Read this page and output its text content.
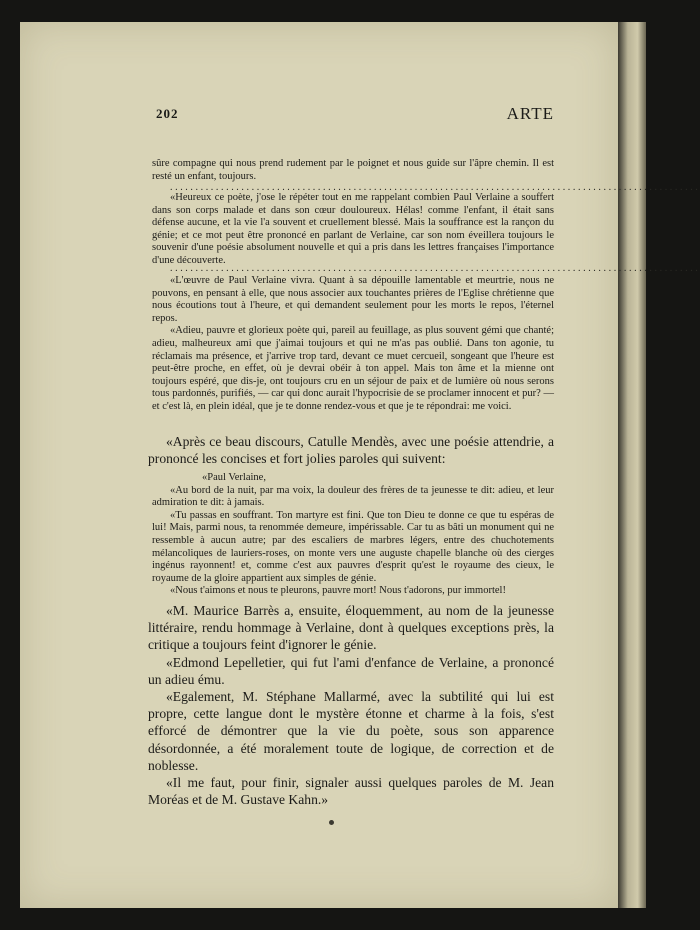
202	ARTE

sûre compagne qui nous prend rudement par le poignet et nous guide sur l'âpre chemin. Il est resté un enfant, toujours.

........................................................................................................

«Heureux ce poète, j'ose le répéter tout en me rappelant combien Paul Verlaine a souffert dans son corps malade et dans son cœur douloureux. Hélas! comme l'enfant, il était sans défense aucune, et la vie l'a souvent et cruellement blessé. Mais la souffrance est la rançon du génie; et ce mot peut être prononcé en parlant de Verlaine, car son nom éveillera toujours le souvenir d'une poésie absolument nouvelle et qui a pris dans les lettres françaises l'importance d'une découverte.

........................................................................................................

«L'œuvre de Paul Verlaine vivra. Quant à sa dépouille lamentable et meurtrie, nous ne pouvons, en pensant à elle, que nous associer aux touchantes prières de l'Eglise chrétienne que nous écoutions tout à l'heure, et qui demandent seulement pour les morts le repos, l'éternel repos.

«Adieu, pauvre et glorieux poète qui, pareil au feuillage, as plus souvent gémi que chanté; adieu, malheureux ami que j'aimai toujours et qui ne m'as pas oublié. Dans ton agonie, tu réclamais ma présence, et j'arrive trop tard, devant ce muet cercueil, songeant que l'heure est peut-être proche, en effet, où je devrai obéir à ton appel. Mais ton âme et la mienne ont toujours espéré, que dis-je, ont toujours cru en un séjour de paix et de lumière où nous serons tous pardonnés, purifiés, — car qui donc aurait l'hypocrisie de se proclamer innocent et pur? — et c'est là, en plein idéal, que je te donne rendez-vous et que je te répondrai: me voici.

«Après ce beau discours, Catulle Mendès, avec une poésie attendrie, a prononcé les concises et fort jolies paroles qui suivent:

«Paul Verlaine,

«Au bord de la nuit, par ma voix, la douleur des frères de ta jeunesse te dit: adieu, et leur admiration te dit: à jamais.

«Tu passas en souffrant. Ton martyre est fini. Que ton Dieu te donne ce que tu espéras de lui! Mais, parmi nous, ta renommée demeure, impérissable. Car tu as bâti un monument qui ne ressemble à aucun autre; par des escaliers de marbres légers, entre des chuchotements mélancoliques de lauriers-roses, on monte vers une auguste chapelle blanche où des cierges ingénus rayonnent! et, comme c'est aux pauvres d'esprit qu'est le royaume des cieux, le royaume de la gloire appartient aux simples de génie.

«Nous t'aimons et nous te pleurons, pauvre mort! Nous t'adorons, pur immortel!

«M. Maurice Barrès a, ensuite, éloquemment, au nom de la jeunesse littéraire, rendu hommage à Verlaine, dont à quelques exceptions près, la critique a toujours feint d'ignorer le génie.

«Edmond Lepelletier, qui fut l'ami d'enfance de Verlaine, a prononcé un adieu ému.

«Egalement, M. Stéphane Mallarmé, avec la subtilité qui lui est propre, cette langue dont le mystère étonne et charme à la fois, s'est efforcé de démontrer que la vie du poète, sous son apparence désordonnée, a été moralement toute de logique, de correction et de noblesse.

«Il me faut, pour finir, signaler aussi quelques paroles de M. Jean Moréas et de M. Gustave Kahn.»
